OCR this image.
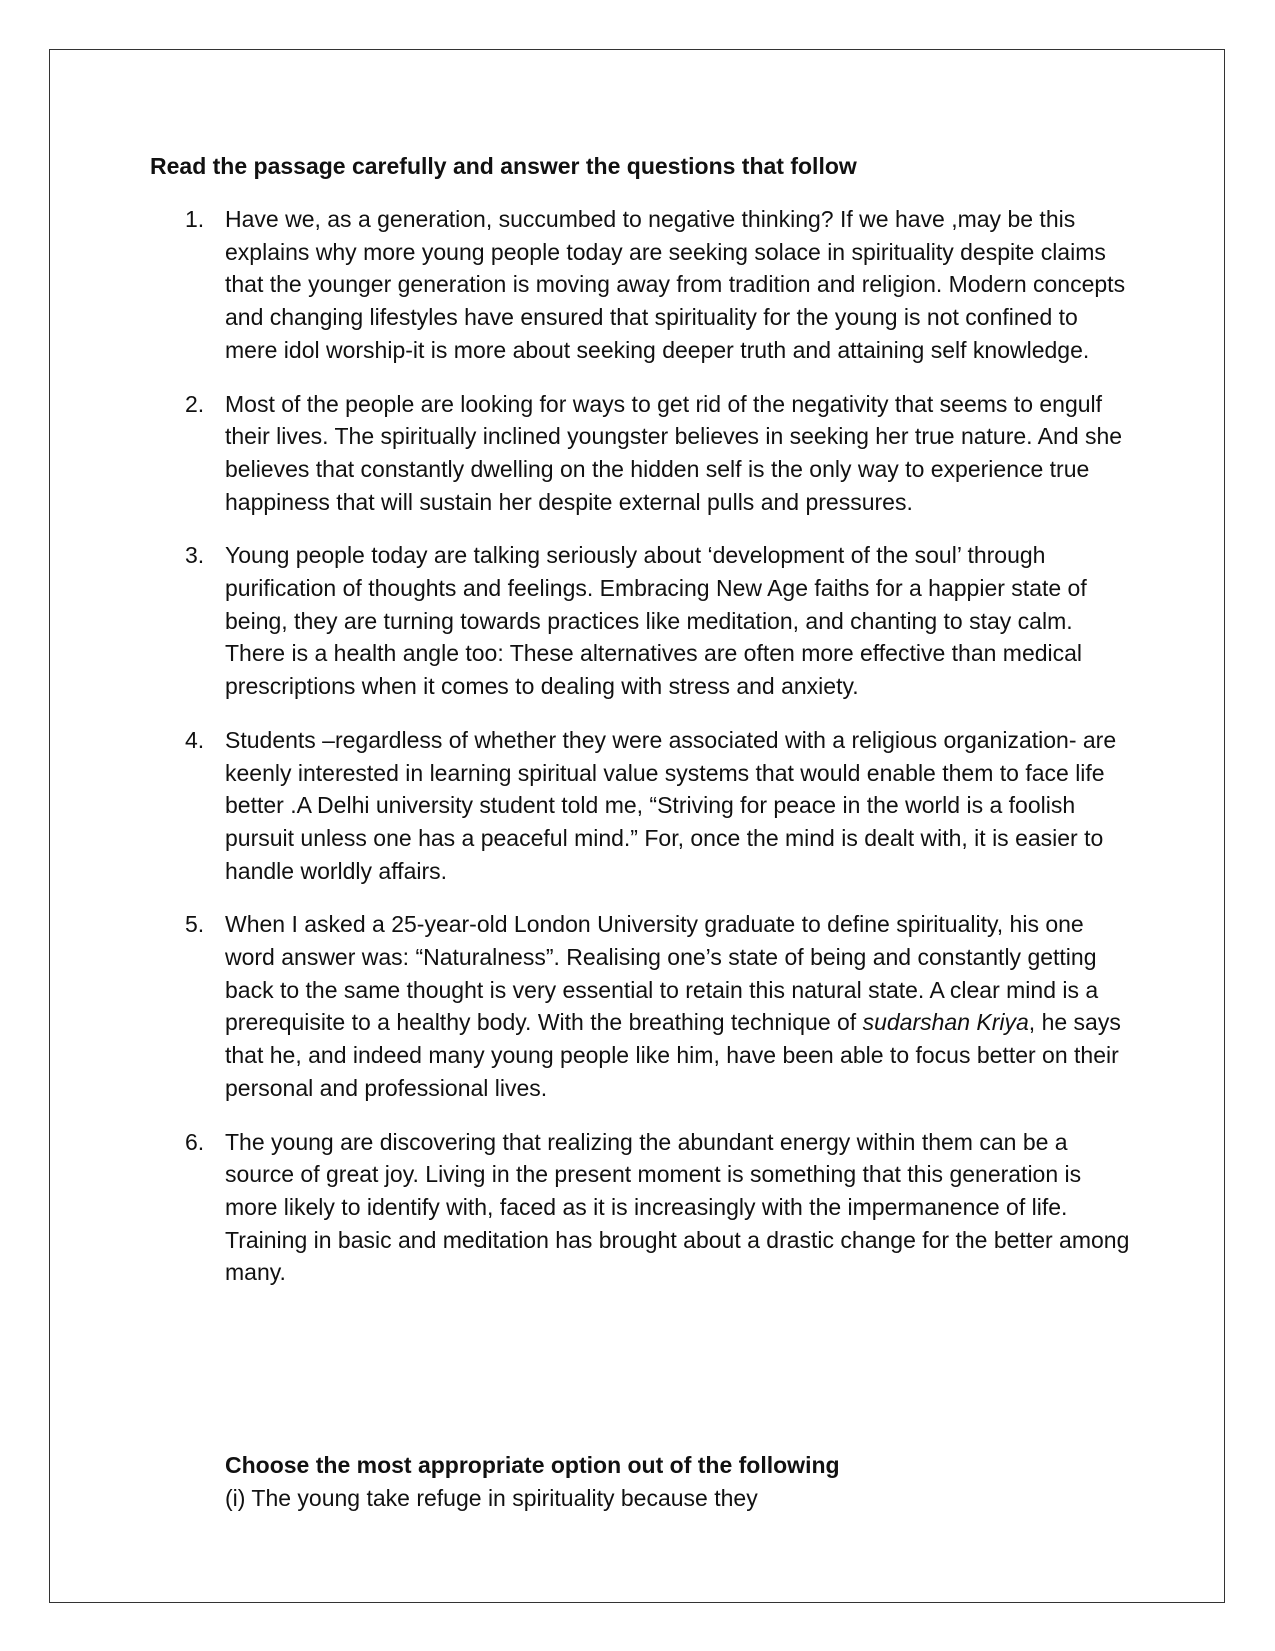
Read the passage carefully and answer the questions that follow
1. Have we, as a generation, succumbed to negative thinking? If we have ,may be this explains why more young people today are seeking solace in spirituality despite claims that the younger generation is moving away from tradition and religion. Modern concepts and changing lifestyles have ensured that spirituality for the young is not confined to mere idol worship-it is more about seeking deeper truth and attaining self knowledge.
2. Most of the people are looking for ways to get rid of the negativity that seems to engulf their lives. The spiritually inclined youngster believes in seeking her true nature. And she believes that constantly dwelling on the hidden self is the only way to experience true happiness that will sustain her despite external pulls and pressures.
3. Young people today are talking seriously about ‘development of the soul’ through purification of thoughts and feelings. Embracing New Age faiths for a happier state of being, they are turning towards practices like meditation, and chanting to stay calm. There is a health angle too: These alternatives are often more effective than medical prescriptions when it comes to dealing with stress and anxiety.
4. Students –regardless of whether they were associated with a religious organization- are keenly interested in learning spiritual value systems that would enable them to face life better .A Delhi university student told me, “Striving for peace in the world is a foolish pursuit unless one has a peaceful mind.” For, once the mind is dealt with, it is easier to handle worldly affairs.
5. When I asked a 25-year-old London University graduate to define spirituality, his one word answer was: “Naturalness”. Realising one’s state of being and constantly getting back to the same thought is very essential to retain this natural state. A clear mind is a prerequisite to a healthy body. With the breathing technique of sudarshan Kriya, he says that he, and indeed many young people like him, have been able to focus better on their personal and professional lives.
6. The young are discovering that realizing the abundant energy within them can be a source of great joy. Living in the present moment is something that this generation is more likely to identify with, faced as it is increasingly with the impermanence of life. Training in basic and meditation has brought about a drastic change for the better among many.
Choose the most appropriate option out of the following

(i) The young take refuge in spirituality because they
